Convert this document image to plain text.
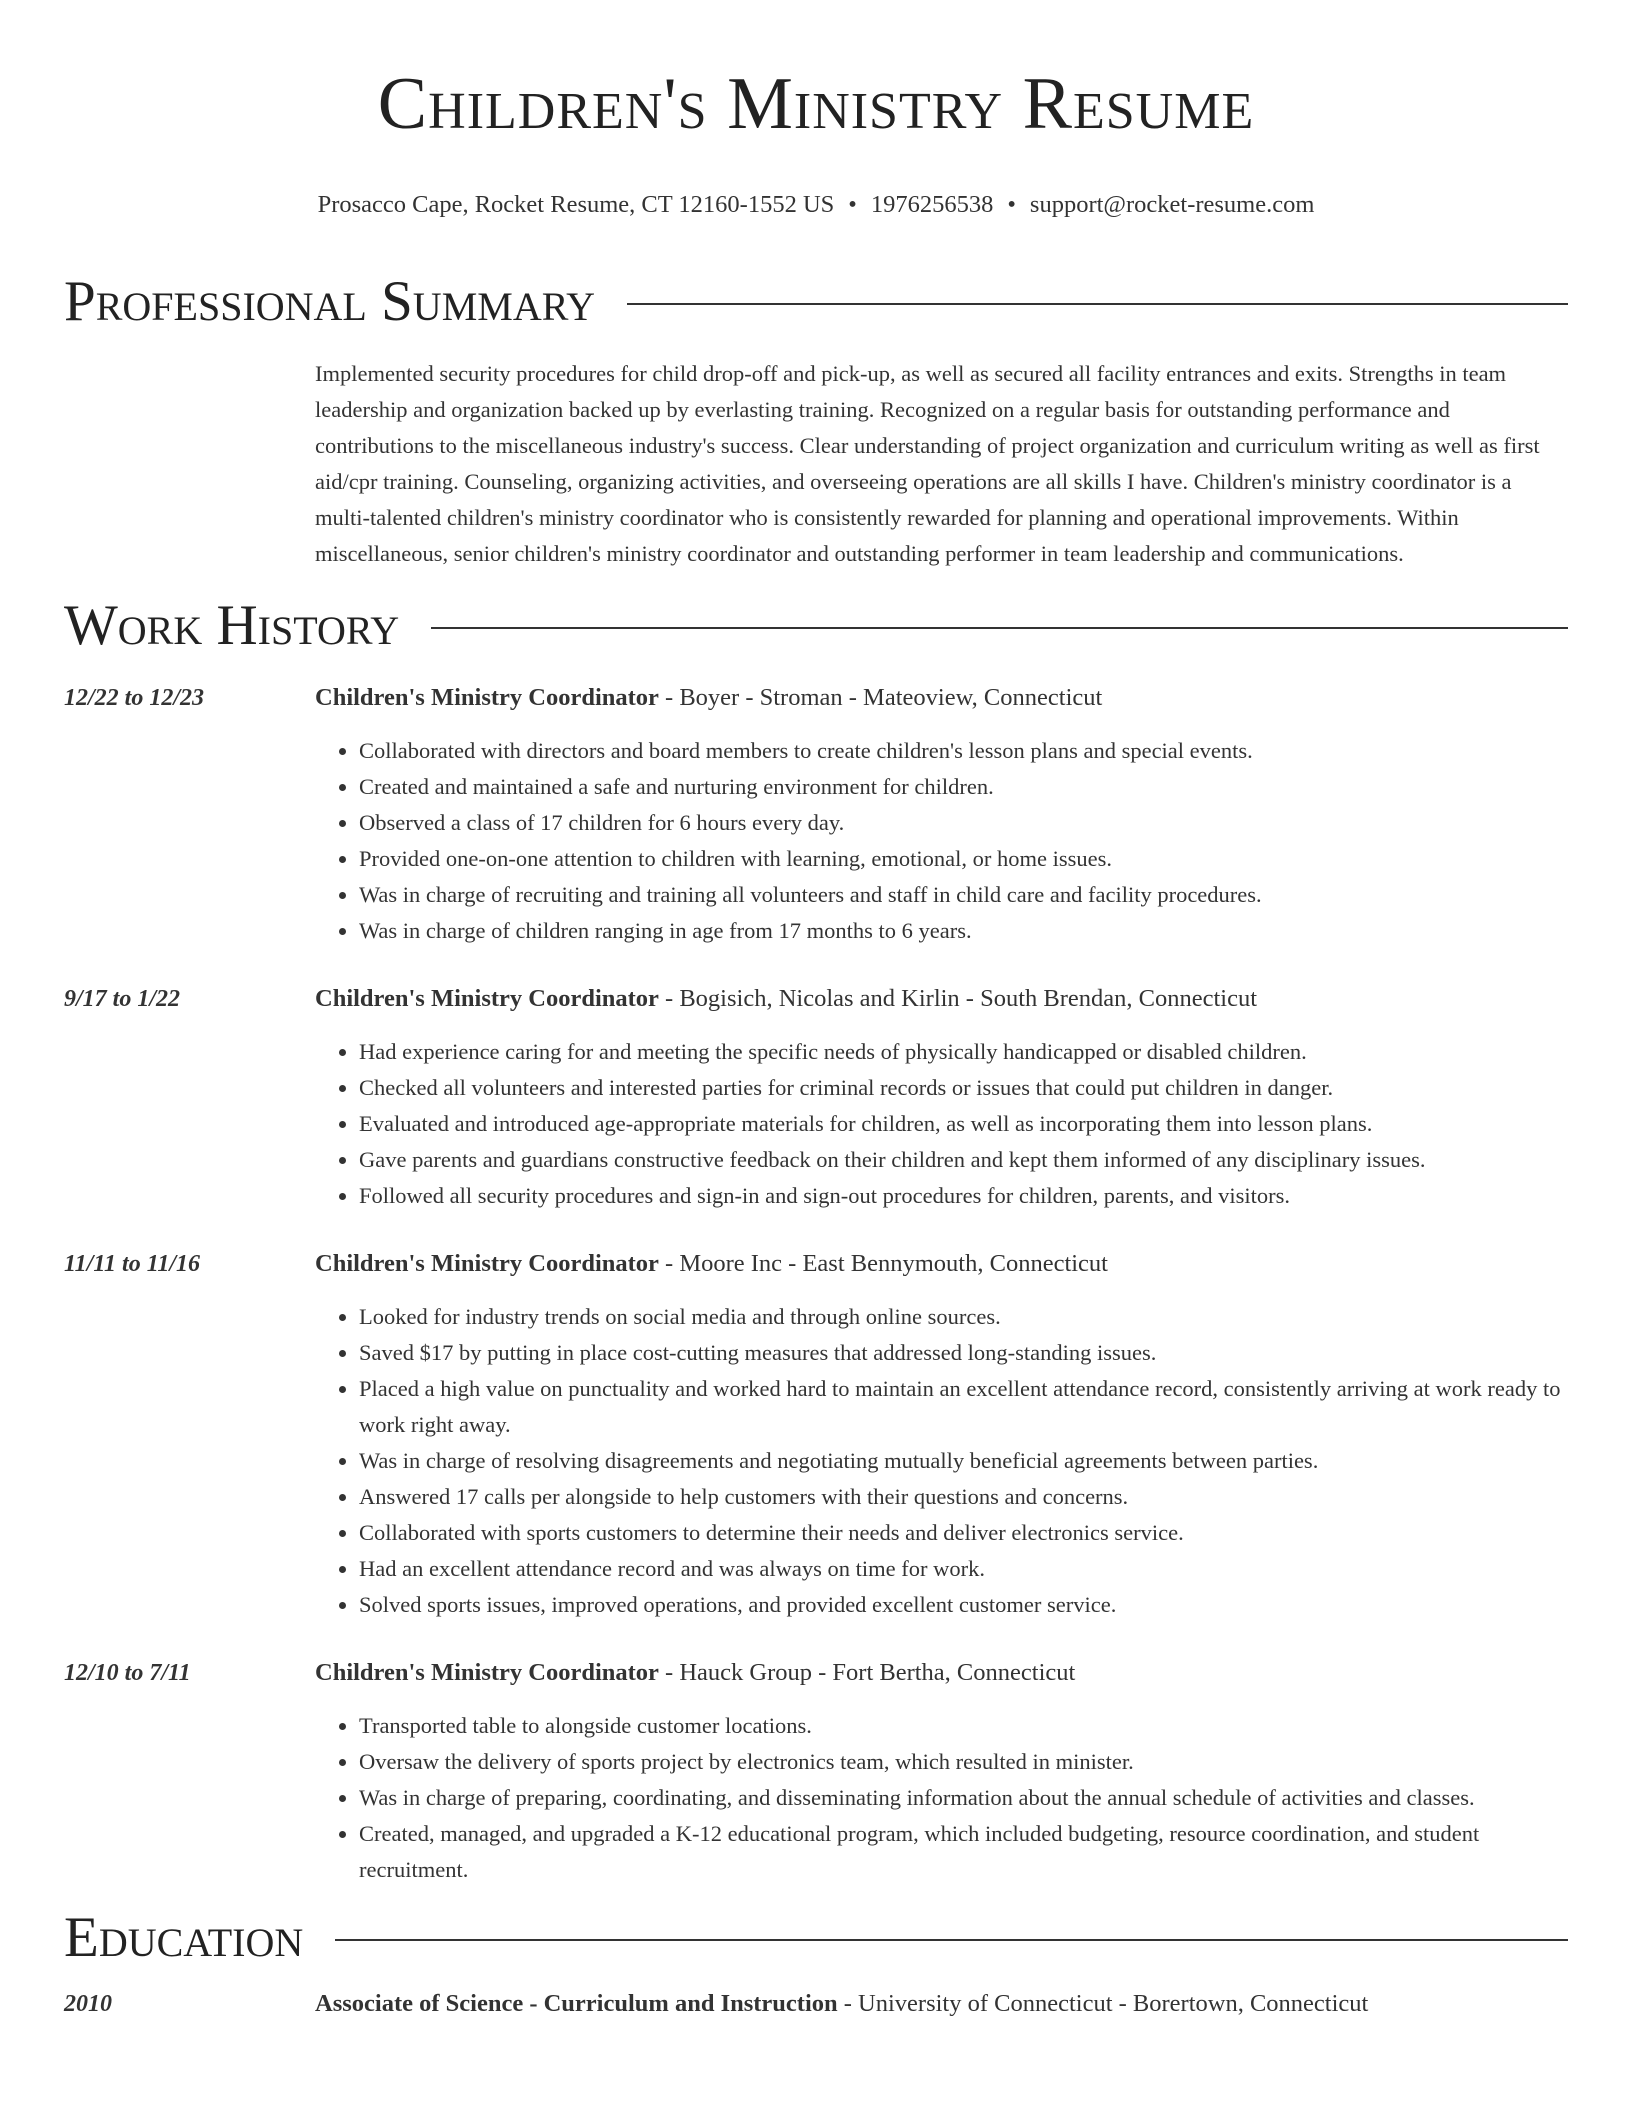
Children's Ministry Resume
Prosacco Cape, Rocket Resume, CT 12160-1552 US • 1976256538 • support@rocket-resume.com
Professional Summary
Implemented security procedures for child drop-off and pick-up, as well as secured all facility entrances and exits. Strengths in team leadership and organization backed up by everlasting training. Recognized on a regular basis for outstanding performance and contributions to the miscellaneous industry's success. Clear understanding of project organization and curriculum writing as well as first aid/cpr training. Counseling, organizing activities, and overseeing operations are all skills I have. Children's ministry coordinator is a multi-talented children's ministry coordinator who is consistently rewarded for planning and operational improvements. Within miscellaneous, senior children's ministry coordinator and outstanding performer in team leadership and communications.
Work History
12/22 to 12/23	Children's Ministry Coordinator - Boyer - Stroman - Mateoview, Connecticut
• Collaborated with directors and board members to create children's lesson plans and special events.
• Created and maintained a safe and nurturing environment for children.
• Observed a class of 17 children for 6 hours every day.
• Provided one-on-one attention to children with learning, emotional, or home issues.
• Was in charge of recruiting and training all volunteers and staff in child care and facility procedures.
• Was in charge of children ranging in age from 17 months to 6 years.
9/17 to 1/22	Children's Ministry Coordinator - Bogisich, Nicolas and Kirlin - South Brendan, Connecticut
• Had experience caring for and meeting the specific needs of physically handicapped or disabled children.
• Checked all volunteers and interested parties for criminal records or issues that could put children in danger.
• Evaluated and introduced age-appropriate materials for children, as well as incorporating them into lesson plans.
• Gave parents and guardians constructive feedback on their children and kept them informed of any disciplinary issues.
• Followed all security procedures and sign-in and sign-out procedures for children, parents, and visitors.
11/11 to 11/16	Children's Ministry Coordinator - Moore Inc - East Bennymouth, Connecticut
• Looked for industry trends on social media and through online sources.
• Saved $17 by putting in place cost-cutting measures that addressed long-standing issues.
• Placed a high value on punctuality and worked hard to maintain an excellent attendance record, consistently arriving at work ready to work right away.
• Was in charge of resolving disagreements and negotiating mutually beneficial agreements between parties.
• Answered 17 calls per alongside to help customers with their questions and concerns.
• Collaborated with sports customers to determine their needs and deliver electronics service.
• Had an excellent attendance record and was always on time for work.
• Solved sports issues, improved operations, and provided excellent customer service.
12/10 to 7/11	Children's Ministry Coordinator - Hauck Group - Fort Bertha, Connecticut
• Transported table to alongside customer locations.
• Oversaw the delivery of sports project by electronics team, which resulted in minister.
• Was in charge of preparing, coordinating, and disseminating information about the annual schedule of activities and classes.
• Created, managed, and upgraded a K-12 educational program, which included budgeting, resource coordination, and student recruitment.
Education
2010	Associate of Science - Curriculum and Instruction - University of Connecticut - Borertown, Connecticut
